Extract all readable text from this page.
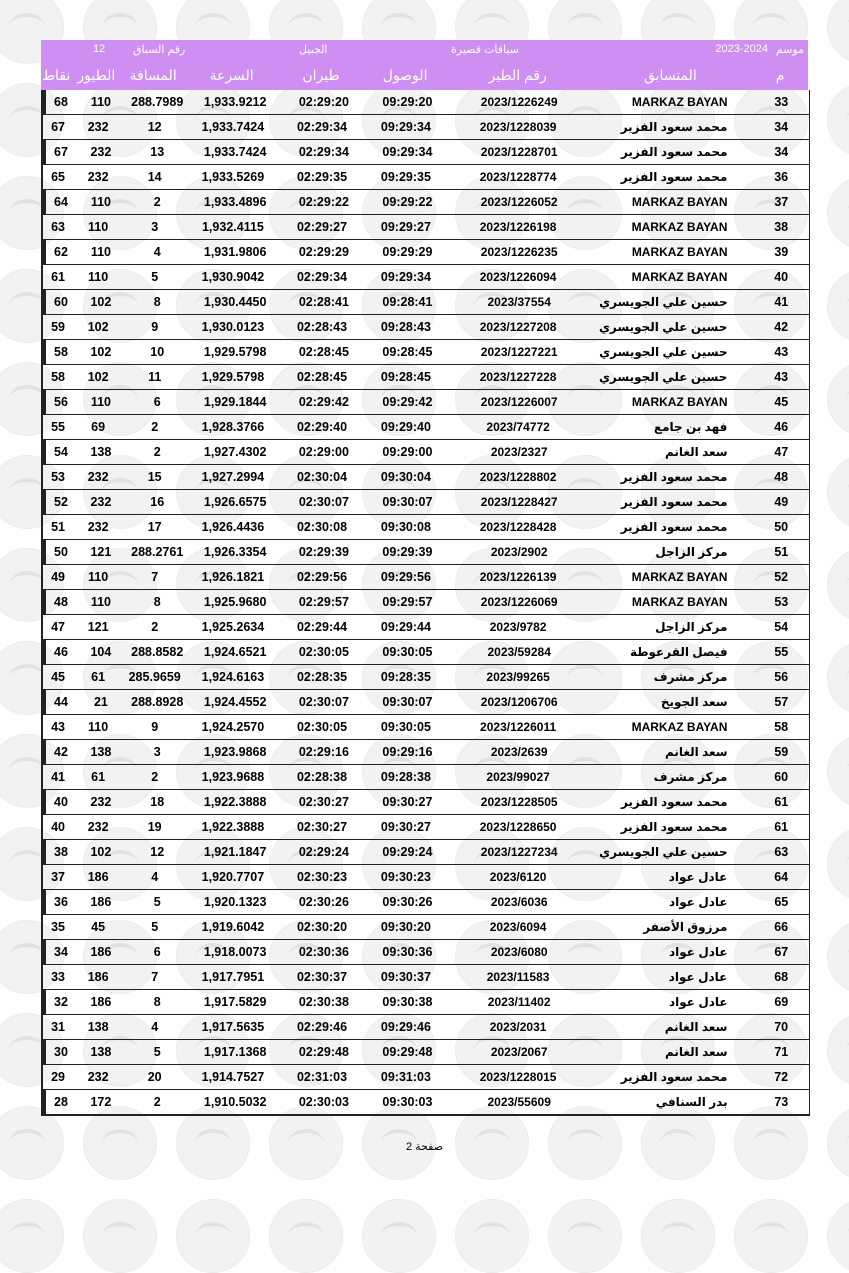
موسم
2023-2024
سباقات قصيرة
الجبيل
رقم السباق
12
م
المتسابق
رقم الطير
الوصول
طيران
السرعة
المسافة
الطيور
نقاط
33
MARKAZ BAYAN
2023/1226249
09:29:20
02:29:20
1,933.9212
288.7989
110
68
34
محمد سعود الفزير
2023/1228039
09:29:34
02:29:34
1,933.7424
12
232
67
34
محمد سعود الفزير
2023/1228701
09:29:34
02:29:34
1,933.7424
13
232
67
36
محمد سعود الفزير
2023/1228774
09:29:35
02:29:35
1,933.5269
14
232
65
37
MARKAZ BAYAN
2023/1226052
09:29:22
02:29:22
1,933.4896
2
110
64
38
MARKAZ BAYAN
2023/1226198
09:29:27
02:29:27
1,932.4115
3
110
63
39
MARKAZ BAYAN
2023/1226235
09:29:29
02:29:29
1,931.9806
4
110
62
40
MARKAZ BAYAN
2023/1226094
09:29:34
02:29:34
1,930.9042
5
110
61
41
حسين علي الجويسري
2023/37554
09:28:41
02:28:41
1,930.4450
8
102
60
42
حسين علي الجويسري
2023/1227208
09:28:43
02:28:43
1,930.0123
9
102
59
43
حسين علي الجويسري
2023/1227221
09:28:45
02:28:45
1,929.5798
10
102
58
43
حسين علي الجويسري
2023/1227228
09:28:45
02:28:45
1,929.5798
11
102
58
45
MARKAZ BAYAN
2023/1226007
09:29:42
02:29:42
1,929.1844
6
110
56
46
فهد بن جامع
2023/74772
09:29:40
02:29:40
1,928.3766
2
69
55
47
سعد الغانم
2023/2327
09:29:00
02:29:00
1,927.4302
2
138
54
48
محمد سعود الفزير
2023/1228802
09:30:04
02:30:04
1,927.2994
15
232
53
49
محمد سعود الفزير
2023/1228427
09:30:07
02:30:07
1,926.6575
16
232
52
50
محمد سعود الفزير
2023/1228428
09:30:08
02:30:08
1,926.4436
17
232
51
51
مركز الزاجل
2023/2902
09:29:39
02:29:39
1,926.3354
288.2761
121
50
52
MARKAZ BAYAN
2023/1226139
09:29:56
02:29:56
1,926.1821
7
110
49
53
MARKAZ BAYAN
2023/1226069
09:29:57
02:29:57
1,925.9680
8
110
48
54
مركز الزاجل
2023/9782
09:29:44
02:29:44
1,925.2634
2
121
47
55
فيصل القرعوطة
2023/59284
09:30:05
02:30:05
1,924.6521
288.8582
104
46
56
مركز مشرف
2023/99265
09:28:35
02:28:35
1,924.6163
285.9659
61
45
57
سعد الجويخ
2023/1206706
09:30:07
02:30:07
1,924.4552
288.8928
21
44
58
MARKAZ BAYAN
2023/1226011
09:30:05
02:30:05
1,924.2570
9
110
43
59
سعد الغانم
2023/2639
09:29:16
02:29:16
1,923.9868
3
138
42
60
مركز مشرف
2023/99027
09:28:38
02:28:38
1,923.9688
2
61
41
61
محمد سعود الفزير
2023/1228505
09:30:27
02:30:27
1,922.3888
18
232
40
61
محمد سعود الفزير
2023/1228650
09:30:27
02:30:27
1,922.3888
19
232
40
63
حسين علي الجويسري
2023/1227234
09:29:24
02:29:24
1,921.1847
12
102
38
64
عادل عواد
2023/6120
09:30:23
02:30:23
1,920.7707
4
186
37
65
عادل عواد
2023/6036
09:30:26
02:30:26
1,920.1323
5
186
36
66
مرزوق الأصفر
2023/6094
09:30:20
02:30:20
1,919.6042
5
45
35
67
عادل عواد
2023/6080
09:30:36
02:30:36
1,918.0073
6
186
34
68
عادل عواد
2023/11583
09:30:37
02:30:37
1,917.7951
7
186
33
69
عادل عواد
2023/11402
09:30:38
02:30:38
1,917.5829
8
186
32
70
سعد الغانم
2023/2031
09:29:46
02:29:46
1,917.5635
4
138
31
71
سعد الغانم
2023/2067
09:29:48
02:29:48
1,917.1368
5
138
30
72
محمد سعود الفزير
2023/1228015
09:31:03
02:31:03
1,914.7527
20
232
29
73
بدر السنافي
2023/55609
09:30:03
02:30:03
1,910.5032
2
172
28
صفحة 2
